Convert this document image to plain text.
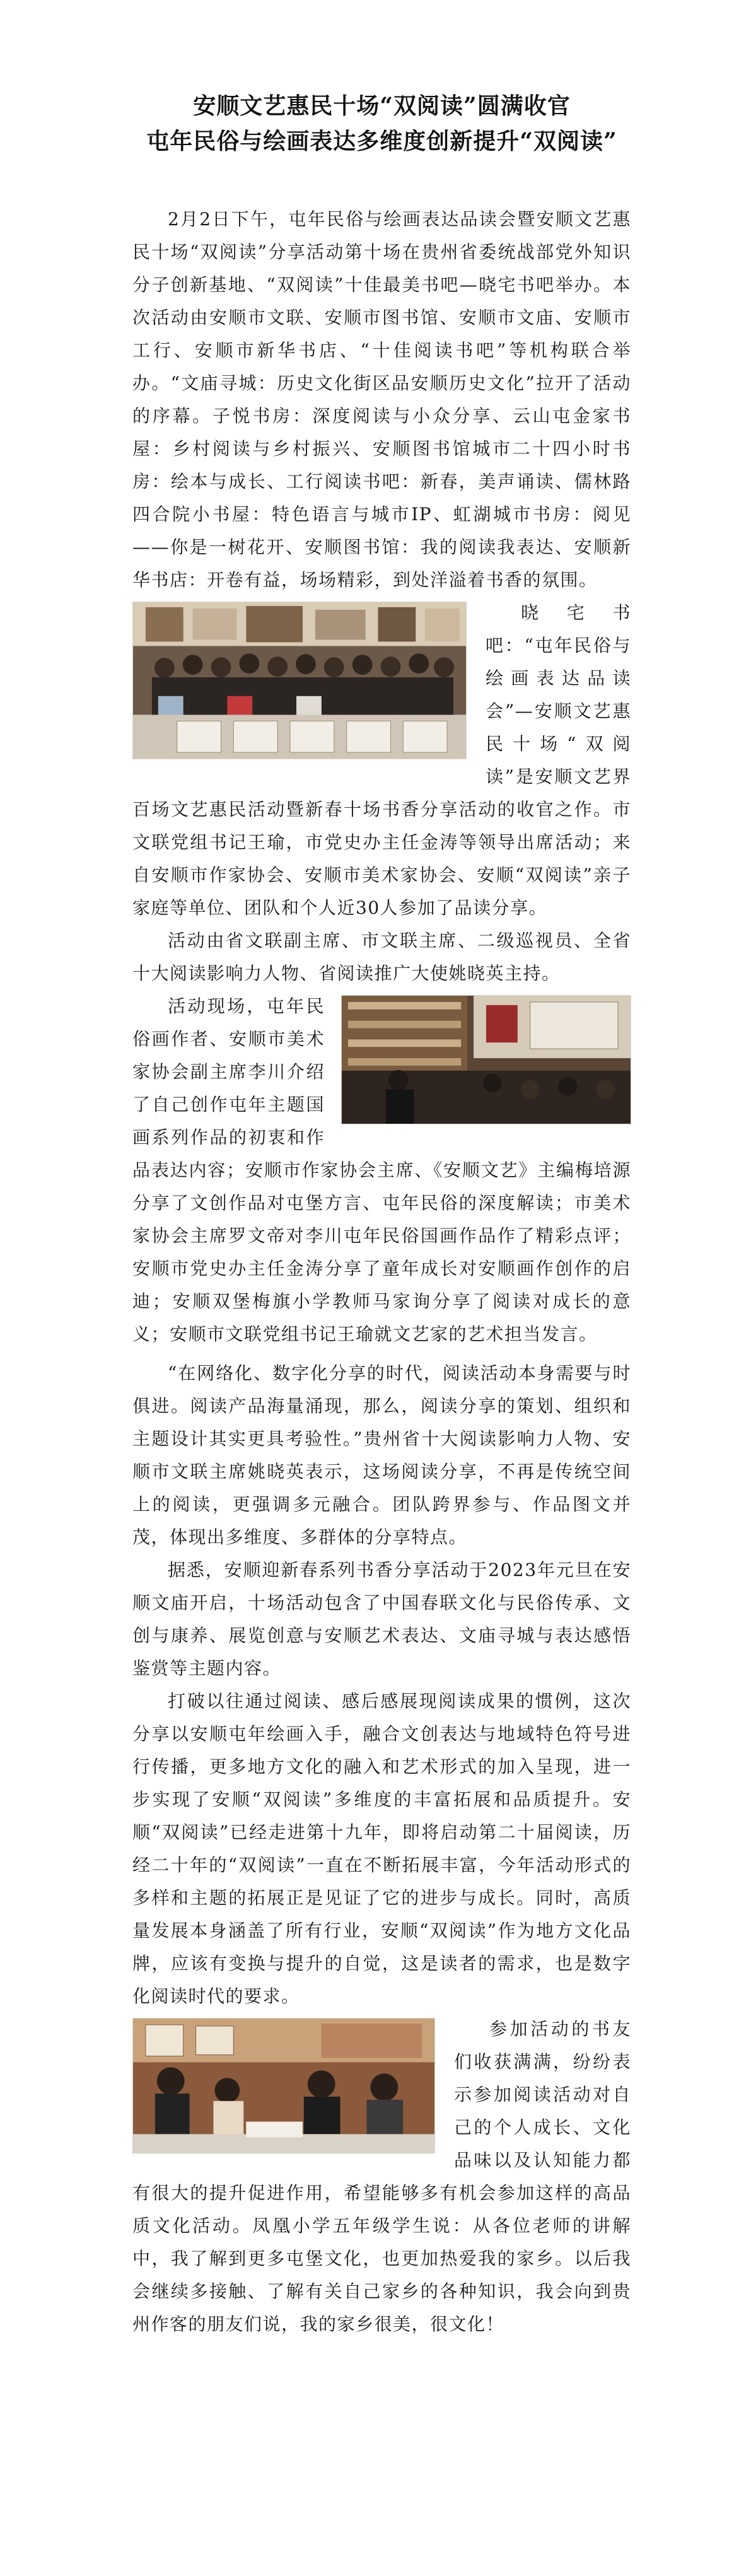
安顺文艺惠民十场“双阅读”圆满收官
屯年民俗与绘画表达多维度创新提升“双阅读”

2月2日下午，屯年民俗与绘画表达品读会暨安顺文艺惠民十场“双阅读”分享活动第十场在贵州省委统战部党外知识分子创新基地、“双阅读”十佳最美书吧—晓宅书吧举办。本次活动由安顺市文联、安顺市图书馆、安顺市文庙、安顺市工行、安顺市新华书店、“十佳阅读书吧”等机构联合举办。“文庙寻城：历史文化街区品安顺历史文化”拉开了活动的序幕。子悦书房：深度阅读与小众分享、云山屯金家书屋：乡村阅读与乡村振兴、安顺图书馆城市二十四小时书房：绘本与成长、工行阅读书吧：新春，美声诵读、儒林路四合院小书屋：特色语言与城市IP、虹湖城市书房：阅见——你是一树花开、安顺图书馆：我的阅读我表达、安顺新华书店：开卷有益，场场精彩，到处洋溢着书香的氛围。

晓宅书吧：“屯年民俗与绘画表达品读会”—安顺文艺惠民十场“双阅读”是安顺文艺界百场文艺惠民活动暨新春十场书香分享活动的收官之作。市文联党组书记王瑜，市党史办主任金涛等领导出席活动；来自安顺市作家协会、安顺市美术家协会、安顺“双阅读”亲子家庭等单位、团队和个人近30人参加了品读分享。

活动由省文联副主席、市文联主席、二级巡视员、全省十大阅读影响力人物、省阅读推广大使姚晓英主持。

活动现场，屯年民俗画作者、安顺市美术家协会副主席李川介绍了自己创作屯年主题国画系列作品的初衷和作品表达内容；安顺市作家协会主席、《安顺文艺》主编梅培源分享了文创作品对屯堡方言、屯年民俗的深度解读；市美术家协会主席罗文帝对李川屯年民俗国画作品作了精彩点评；安顺市党史办主任金涛分享了童年成长对安顺画作创作的启迪；安顺双堡梅旗小学教师马家询分享了阅读对成长的意义；安顺市文联党组书记王瑜就文艺家的艺术担当发言。

“在网络化、数字化分享的时代，阅读活动本身需要与时俱进。阅读产品海量涌现，那么，阅读分享的策划、组织和主题设计其实更具考验性。”贵州省十大阅读影响力人物、安顺市文联主席姚晓英表示，这场阅读分享，不再是传统空间上的阅读，更强调多元融合。团队跨界参与、作品图文并茂，体现出多维度、多群体的分享特点。

据悉，安顺迎新春系列书香分享活动于2023年元旦在安顺文庙开启，十场活动包含了中国春联文化与民俗传承、文创与康养、展览创意与安顺艺术表达、文庙寻城与表达感悟鉴赏等主题内容。

打破以往通过阅读、感后感展现阅读成果的惯例，这次分享以安顺屯年绘画入手，融合文创表达与地域特色符号进行传播，更多地方文化的融入和艺术形式的加入呈现，进一步实现了安顺“双阅读”多维度的丰富拓展和品质提升。安顺“双阅读”已经走进第十九年，即将启动第二十届阅读，历经二十年的“双阅读”一直在不断拓展丰富，今年活动形式的多样和主题的拓展正是见证了它的进步与成长。同时，高质量发展本身涵盖了所有行业，安顺“双阅读”作为地方文化品牌，应该有变换与提升的自觉，这是读者的需求，也是数字化阅读时代的要求。

参加活动的书友们收获满满，纷纷表示参加阅读活动对自己的个人成长、文化品味以及认知能力都有很大的提升促进作用，希望能够多有机会参加这样的高品质文化活动。凤凰小学五年级学生说：从各位老师的讲解中，我了解到更多屯堡文化，也更加热爱我的家乡。以后我会继续多接触、了解有关自己家乡的各种知识，我会向到贵州作客的朋友们说，我的家乡很美，很文化！
